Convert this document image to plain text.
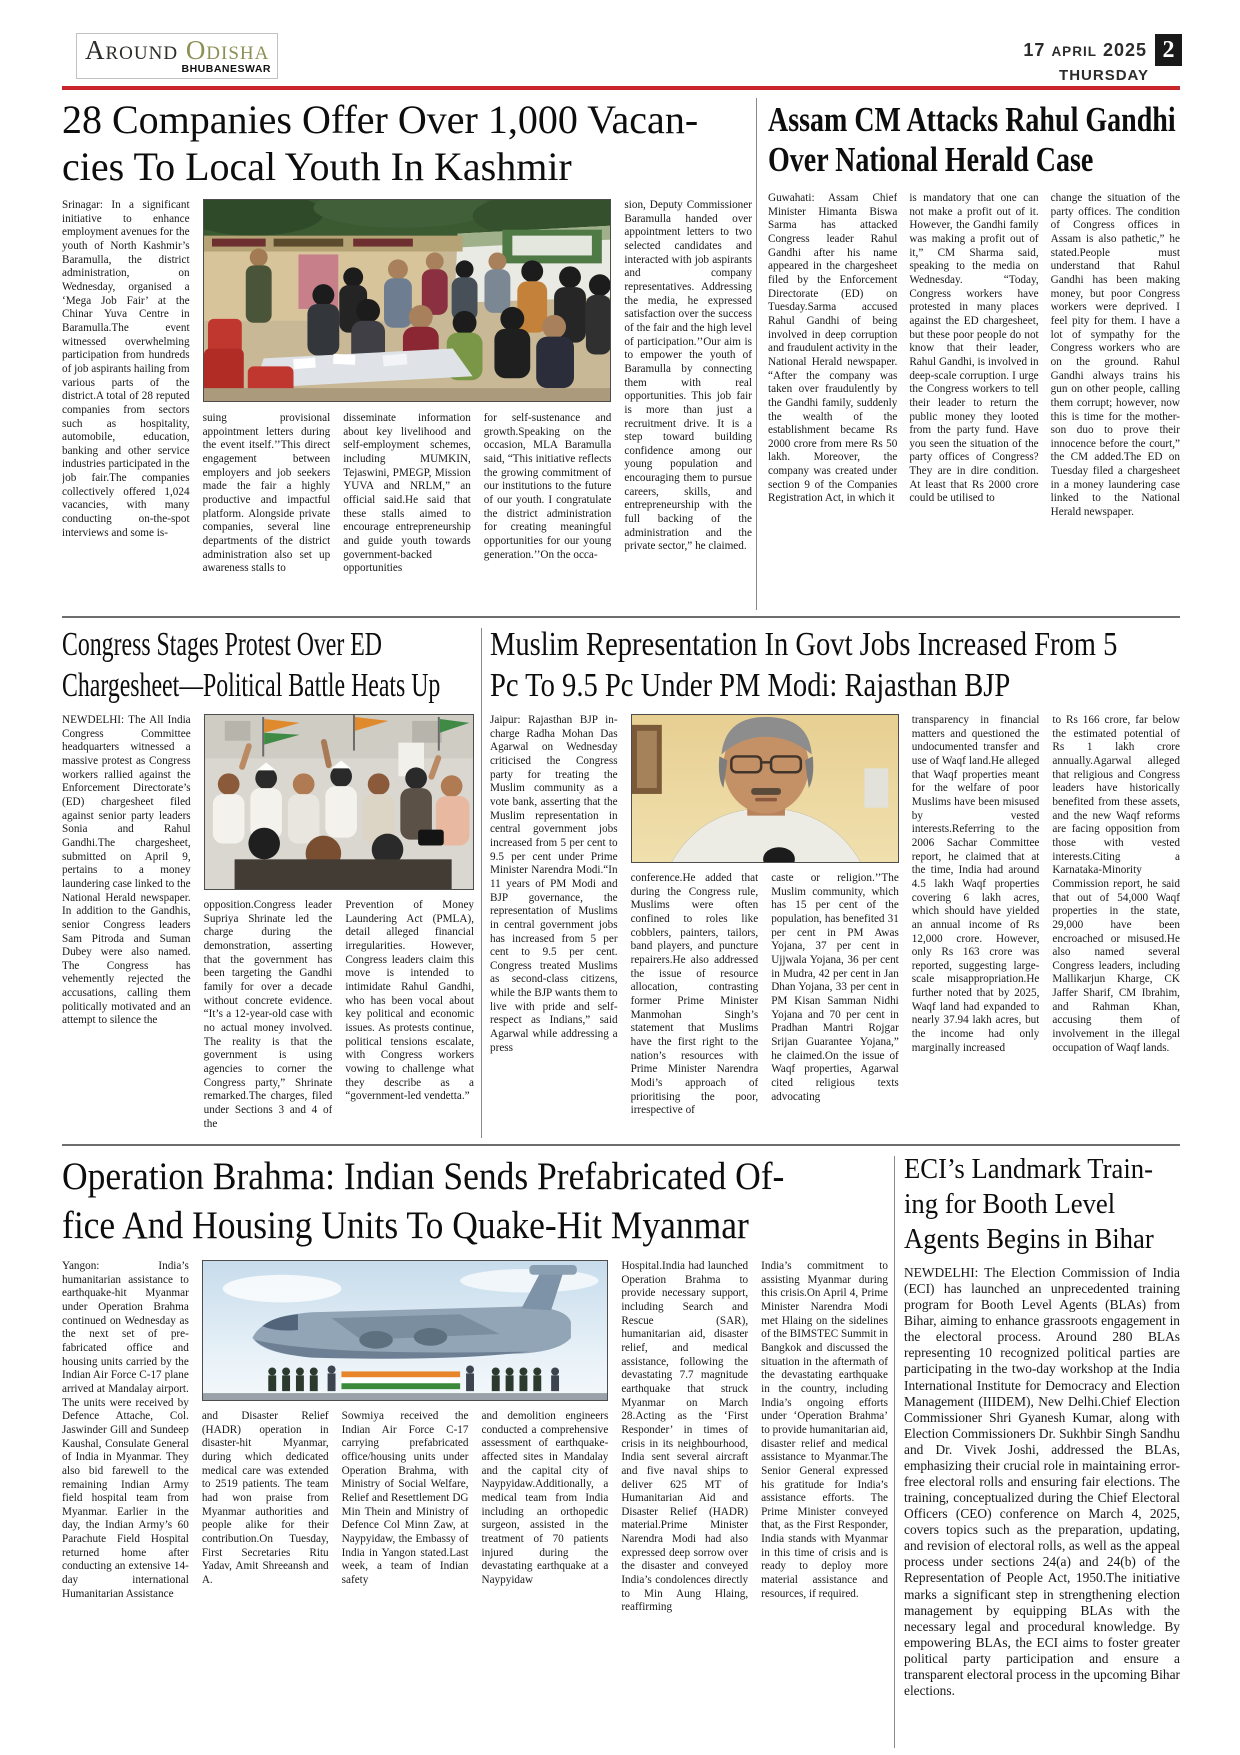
Around Odisha
BHUBANESWAR
17 APRIL 2025 2
THURSDAY
28 Companies Offer Over 1,000 Vacan-
cies To Local Youth In Kashmir
Srinagar: In a significant initiative to enhance employment avenues for the youth of North Kashmir’s Baramulla, the district administration, on Wednesday, organised a ‘Mega Job Fair’ at the Chinar Yuva Centre in Baramulla.The event witnessed overwhelming participation from hundreds of job aspirants hailing from various parts of the district.A total of 28 reputed companies from sectors such as hospitality, automobile, education, banking and other service industries participated in the job fair.The companies collectively offered 1,024 vacancies, with many conducting on-the-spot interviews and some is-
suing provisional appointment letters during the event itself.’’This direct engagement between employers and job seekers made the fair a highly productive and impactful platform. Alongside private companies, several line departments of the district administration also set up awareness stalls to
disseminate information about key livelihood and self-employment schemes, including MUMKIN, Tejaswini, PMEGP, Mission YUVA and NRLM,” an official said.He said that these stalls aimed to encourage entrepreneurship and guide youth towards government-backed opportunities
for self-sustenance and growth.Speaking on the occasion, MLA Baramulla said, “This initiative reflects the growing commitment of our institutions to the future of our youth. I congratulate the district administration for creating meaningful opportunities for our young generation.’’On the occa-
sion, Deputy Commissioner Baramulla handed over appointment letters to two selected candidates and interacted with job aspirants and company representatives. Addressing the media, he expressed satisfaction over the success of the fair and the high level of participation.’’Our aim is to empower the youth of Baramulla by connecting them with real opportunities. This job fair is more than just a recruitment drive. It is a step toward building confidence among our young population and encouraging them to pursue careers, skills, and entrepreneurship with the full backing of the administration and the private sector,” he claimed.
Assam CM Attacks Rahul Gandhi
Over National Herald Case
Guwahati: Assam Chief Minister Himanta Biswa Sarma has attacked Congress leader Rahul Gandhi after his name appeared in the chargesheet filed by the Enforcement Directorate (ED) on Tuesday.Sarma accused Rahul Gandhi of being involved in deep corruption and fraudulent activity in the National Herald newspaper. “After the company was taken over fraudulently by the Gandhi family, suddenly the wealth of the establishment became Rs 2000 crore from mere Rs 50 lakh. Moreover, the company was created under section 9 of the Companies Registration Act, in which it
is mandatory that one can not make a profit out of it. However, the Gandhi family was making a profit out of it,” CM Sharma said, speaking to the media on Wednesday. “Today, Congress workers have protested in many places against the ED chargesheet, but these poor people do not know that their leader, Rahul Gandhi, is involved in deep-scale corruption. I urge the Congress workers to tell their leader to return the public money they looted from the party fund. Have you seen the situation of the party offices of Congress? They are in dire condition. At least that Rs 2000 crore could be utilised to
change the situation of the party offices. The condition of Congress offices in Assam is also pathetic,” he stated.People must understand that Rahul Gandhi has been making money, but poor Congress workers were deprived. I feel pity for them. I have a lot of sympathy for the Congress workers who are on the ground. Rahul Gandhi always trains his gun on other people, calling them corrupt; however, now this is time for the mother-son duo to prove their innocence before the court,” the CM added.The ED on Tuesday filed a chargesheet in a money laundering case linked to the National Herald newspaper.
Congress Stages Protest Over ED
Chargesheet—Political Battle Heats Up
NEWDELHI: The All India Congress Committee headquarters witnessed a massive protest as Congress workers rallied against the Enforcement Directorate’s (ED) chargesheet filed against senior party leaders Sonia and Rahul Gandhi.The chargesheet, submitted on April 9, pertains to a money laundering case linked to the National Herald newspaper. In addition to the Gandhis, senior Congress leaders Sam Pitroda and Suman Dubey were also named. The Congress has vehemently rejected the accusations, calling them politically motivated and an attempt to silence the
opposition.Congress leader Supriya Shrinate led the charge during the demonstration, asserting that the government has been targeting the Gandhi family for over a decade without concrete evidence. “It’s a 12-year-old case with no actual money involved. The reality is that the government is using agencies to corner the Congress party,” Shrinate remarked.The charges, filed under Sections 3 and 4 of the
Prevention of Money Laundering Act (PMLA), detail alleged financial irregularities. However, Congress leaders claim this move is intended to intimidate Rahul Gandhi, who has been vocal about key political and economic issues. As protests continue, political tensions escalate, with Congress workers vowing to challenge what they describe as a “government-led vendetta.”
Muslim Representation In Govt Jobs Increased From 5
Pc To 9.5 Pc Under PM Modi: Rajasthan BJP
Jaipur: Rajasthan BJP in-charge Radha Mohan Das Agarwal on Wednesday criticised the Congress party for treating the Muslim community as a vote bank, asserting that the Muslim representation in central government jobs increased from 5 per cent to 9.5 per cent under Prime Minister Narendra Modi.“In 11 years of PM Modi and BJP governance, the representation of Muslims in central government jobs has increased from 5 per cent to 9.5 per cent. Congress treated Muslims as second-class citizens, while the BJP wants them to live with pride and self-respect as Indians,” said Agarwal while addressing a press
conference.He added that during the Congress rule, Muslims were often confined to roles like cobblers, painters, tailors, band players, and puncture repairers.He also addressed the issue of resource allocation, contrasting former Prime Minister Manmohan Singh’s statement that Muslims have the first right to the nation’s resources with Prime Minister Narendra Modi’s approach of prioritising the poor, irrespective of
caste or religion.’’The Muslim community, which has 15 per cent of the population, has benefited 31 per cent in PM Awas Yojana, 37 per cent in Ujjwala Yojana, 36 per cent in Mudra, 42 per cent in Jan Dhan Yojana, 33 per cent in PM Kisan Samman Nidhi Yojana and 70 per cent in Pradhan Mantri Rojgar Srijan Guarantee Yojana,” he claimed.On the issue of Waqf properties, Agarwal cited religious texts advocating
transparency in financial matters and questioned the undocumented transfer and use of Waqf land.He alleged that Waqf properties meant for the welfare of poor Muslims have been misused by vested interests.Referring to the 2006 Sachar Committee report, he claimed that at the time, India had around 4.5 lakh Waqf properties covering 6 lakh acres, which should have yielded an annual income of Rs 12,000 crore. However, only Rs 163 crore was reported, suggesting large-scale misappropriation.He further noted that by 2025, Waqf land had expanded to nearly 37.94 lakh acres, but the income had only marginally increased
to Rs 166 crore, far below the estimated potential of Rs 1 lakh crore annually.Agarwal alleged that religious and Congress leaders have historically benefited from these assets, and the new Waqf reforms are facing opposition from those with vested interests.Citing a Karnataka-Minority Commission report, he said that out of 54,000 Waqf properties in the state, 29,000 have been encroached or misused.He also named several Congress leaders, including Mallikarjun Kharge, CK Jaffer Sharif, CM Ibrahim, and Rahman Khan, accusing them of involvement in the illegal occupation of Waqf lands.
Operation Brahma: Indian Sends Prefabricated Of-
fice And Housing Units To Quake-Hit Myanmar
Yangon: India’s humanitarian assistance to earthquake-hit Myanmar under Operation Brahma continued on Wednesday as the next set of pre-fabricated office and housing units carried by the Indian Air Force C-17 plane arrived at Mandalay airport. The units were received by Defence Attache, Col. Jaswinder Gill and Sundeep Kaushal, Consulate General of India in Myanmar. They also bid farewell to the remaining Indian Army field hospital team from Myanmar. Earlier in the day, the Indian Army’s 60 Parachute Field Hospital returned home after conducting an extensive 14-day international Humanitarian Assistance
and Disaster Relief (HADR) operation in disaster-hit Myanmar, during which dedicated medical care was extended to 2519 patients. The team had won praise from Myanmar authorities and people alike for their contribution.On Tuesday, First Secretaries Ritu Yadav, Amit Shreeansh and A.
Sowmiya received the Indian Air Force C-17 carrying prefabricated office/housing units under Operation Brahma, with Ministry of Social Welfare, Relief and Resettlement DG Min Thein and Ministry of Defence Col Minn Zaw, at Naypyidaw, the Embassy of India in Yangon stated.Last week, a team of Indian safety
and demolition engineers conducted a comprehensive assessment of earthquake-affected sites in Mandalay and the capital city of Naypyidaw.Additionally, a medical team from India including an orthopedic surgeon, assisted in the treatment of 70 patients injured during the devastating earthquake at a Naypyidaw
Hospital.India had launched Operation Brahma to provide necessary support, including Search and Rescue (SAR), humanitarian aid, disaster relief, and medical assistance, following the devastating 7.7 magnitude earthquake that struck Myanmar on March 28.Acting as the ‘First Responder’ in times of crisis in its neighbourhood, India sent several aircraft and five naval ships to deliver 625 MT of Humanitarian Aid and Disaster Relief (HADR) material.Prime Minister Narendra Modi had also expressed deep sorrow over the disaster and conveyed India’s condolences directly to Min Aung Hlaing, reaffirming
India’s commitment to assisting Myanmar during this crisis.On April 4, Prime Minister Narendra Modi met Hlaing on the sidelines of the BIMSTEC Summit in Bangkok and discussed the situation in the aftermath of the devastating earthquake in the country, including India’s ongoing efforts under ‘Operation Brahma’ to provide humanitarian aid, disaster relief and medical assistance to Myanmar.The Senior General expressed his gratitude for India’s assistance efforts. The Prime Minister conveyed that, as the First Responder, India stands with Myanmar in this time of crisis and is ready to deploy more material assistance and resources, if required.
ECI’s Landmark Train-
ing for Booth Level
Agents Begins in Bihar
NEWDELHI: The Election Commission of India (ECI) has launched an unprecedented training program for Booth Level Agents (BLAs) from Bihar, aiming to enhance grassroots engagement in the electoral process. Around 280 BLAs representing 10 recognized political parties are participating in the two-day workshop at the India International Institute for Democracy and Election Management (IIIDEM), New Delhi.Chief Election Commissioner Shri Gyanesh Kumar, along with Election Commissioners Dr. Sukhbir Singh Sandhu and Dr. Vivek Joshi, addressed the BLAs, emphasizing their crucial role in maintaining error-free electoral rolls and ensuring fair elections. The training, conceptualized during the Chief Electoral Officers (CEO) conference on March 4, 2025, covers topics such as the preparation, updating, and revision of electoral rolls, as well as the appeal process under sections 24(a) and 24(b) of the Representation of People Act, 1950.The initiative marks a significant step in strengthening election management by equipping BLAs with the necessary legal and procedural knowledge. By empowering BLAs, the ECI aims to foster greater political party participation and ensure a transparent electoral process in the upcoming Bihar elections.
